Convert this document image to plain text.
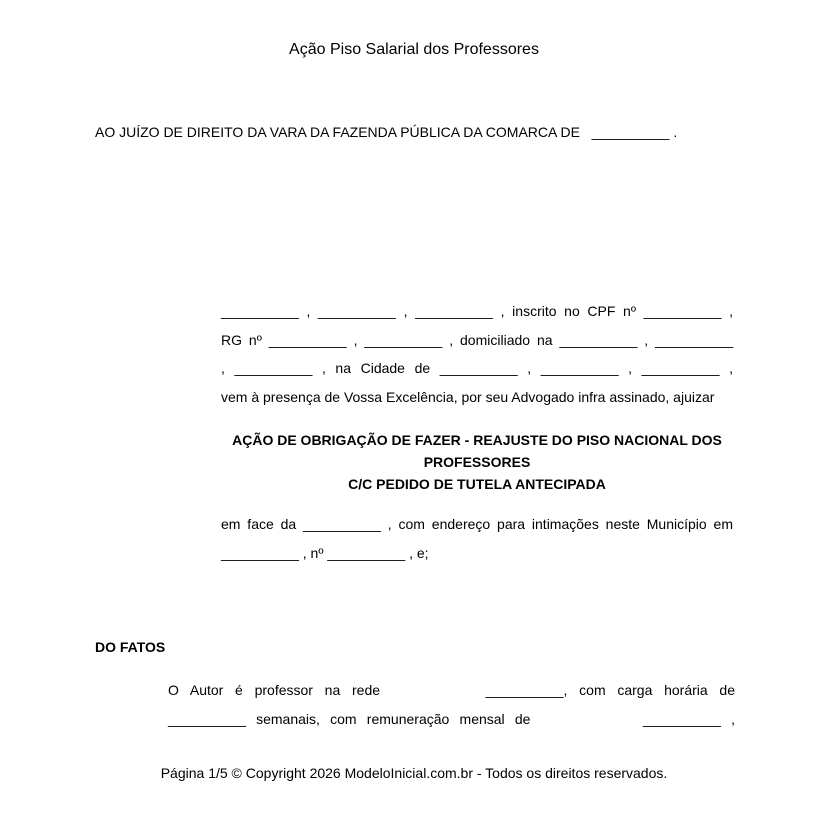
Ação Piso Salarial dos Professores
AO JUÍZO DE DIREITO DA VARA DA FAZENDA PÚBLICA DA COMARCA DE   __________ .
__________ , __________ , __________ , inscrito no CPF nº __________ ,
RG nº __________ , __________ , domiciliado na __________ , __________
, __________ , na Cidade de __________ , __________ , __________ ,
vem à presença de Vossa Excelência, por seu Advogado infra assinado, ajuizar
AÇÃO DE OBRIGAÇÃO DE FAZER - REAJUSTE DO PISO NACIONAL DOS
PROFESSORES
C/C PEDIDO DE TUTELA ANTECIPADA
em face da __________ , com endereço para intimações neste Município em
__________ , nº __________ , e;
DO FATOS
O Autor é professor na rede         __________, com carga horária de
__________ semanais, com remuneração mensal de           __________ ,
Página 1/5 © Copyright 2026 ModeloInicial.com.br - Todos os direitos reservados.
